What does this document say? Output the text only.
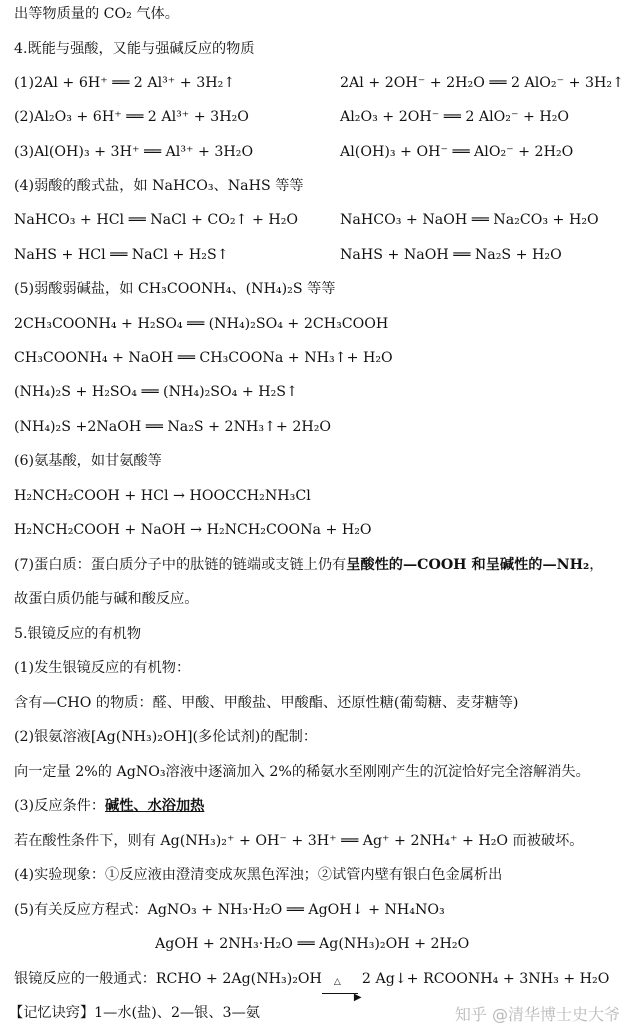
出等物质量的 CO₂ 气体。
4.既能与强酸，又能与强碱反应的物质
(1)2Al + 6H⁺ ══ 2 Al³⁺ + 3H₂↑	2Al + 2OH⁻ + 2H₂O ══ 2 AlO₂⁻ + 3H₂↑
(2)Al₂O₃ + 6H⁺ ══ 2 Al³⁺ + 3H₂O	Al₂O₃ + 2OH⁻ ══ 2 AlO₂⁻ + H₂O
(3)Al(OH)₃ + 3H⁺ ══ Al³⁺ + 3H₂O	Al(OH)₃ + OH⁻ ══ AlO₂⁻ + 2H₂O
(4)弱酸的酸式盐，如 NaHCO₃、NaHS 等等
NaHCO₃ + HCl ══ NaCl + CO₂↑ + H₂O	NaHCO₃ + NaOH ══ Na₂CO₃ + H₂O
NaHS + HCl ══ NaCl + H₂S↑	NaHS + NaOH ══ Na₂S + H₂O
(5)弱酸弱碱盐，如 CH₃COONH₄、(NH₄)₂S 等等
2CH₃COONH₄ + H₂SO₄ ══ (NH₄)₂SO₄ + 2CH₃COOH
CH₃COONH₄ + NaOH ══ CH₃COONa + NH₃↑+ H₂O
(NH₄)₂S + H₂SO₄ ══ (NH₄)₂SO₄ + H₂S↑
(NH₄)₂S +2NaOH ══ Na₂S + 2NH₃↑+ 2H₂O
(6)氨基酸，如甘氨酸等
H₂NCH₂COOH + HCl → HOOCCH₂NH₃Cl
H₂NCH₂COOH + NaOH → H₂NCH₂COONa + H₂O
(7)蛋白质：蛋白质分子中的肽链的链端或支链上仍有呈酸性的—COOH 和呈碱性的—NH₂，
故蛋白质仍能与碱和酸反应。
5.银镜反应的有机物
(1)发生银镜反应的有机物：
含有—CHO 的物质：醛、甲酸、甲酸盐、甲酸酯、还原性糖(葡萄糖、麦芽糖等)
(2)银氨溶液[Ag(NH₃)₂OH](多伦试剂)的配制：
向一定量 2%的 AgNO₃溶液中逐滴加入 2%的稀氨水至刚刚产生的沉淀恰好完全溶解消失。
(3)反应条件：碱性、水浴加热
若在酸性条件下，则有 Ag(NH₃)₂⁺ + OH⁻ + 3H⁺ ══ Ag⁺ + 2NH₄⁺ + H₂O 而被破坏。
(4)实验现象：①反应液由澄清变成灰黑色浑浊；②试管内壁有银白色金属析出
(5)有关反应方程式：AgNO₃ + NH₃·H₂O ══ AgOH↓ + NH₄NO₃
AgOH + 2NH₃·H₂O ══ Ag(NH₃)₂OH + 2H₂O
银镜反应的一般通式：RCHO + 2Ag(NH₃)₂OH △
▶
2 Ag↓+ RCOONH₄ + 3NH₃ + H₂O
【记忆诀窍】1—水(盐)、2—银、3—氨	知乎 @清华博士史大爷
